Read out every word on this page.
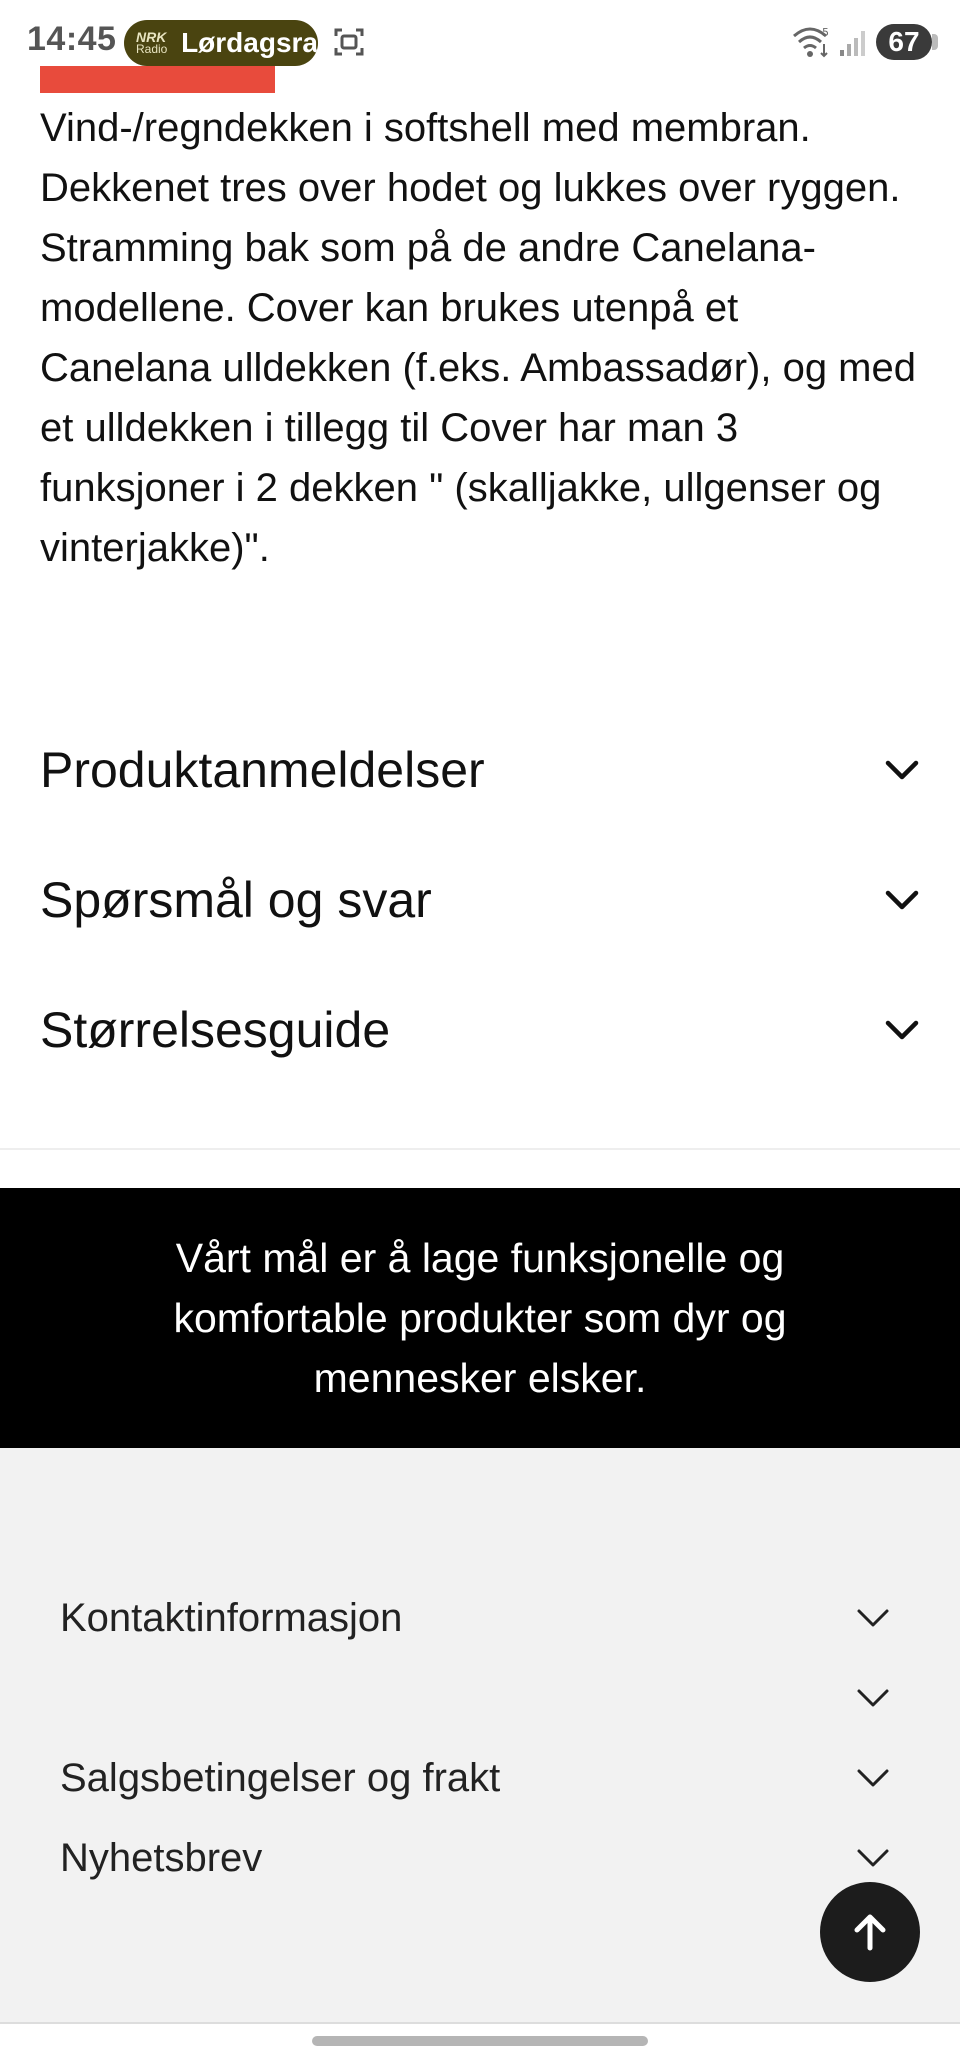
14:45 NRK
Radio Lørdagsra	5	67

Vind-/regndekken i softshell med membran. Dekkenet tres over hodet og lukkes over ryggen. Stramming bak som på de andre Canelana-modellene. Cover kan brukes utenpå et Canelana ulldekken (f.eks. Ambassadør), og med et ulldekken i tillegg til Cover har man 3 funksjoner i 2 dekken " (skalljakke, ullgenser og vinterjakke)".

Produktanmeldelser
Spørsmål og svar
Størrelsesguide

Vårt mål er å lage funksjonelle og komfortable produkter som dyr og mennesker elsker.

Kontaktinformasjon
Salgsbetingelser og frakt
Nyhetsbrev
